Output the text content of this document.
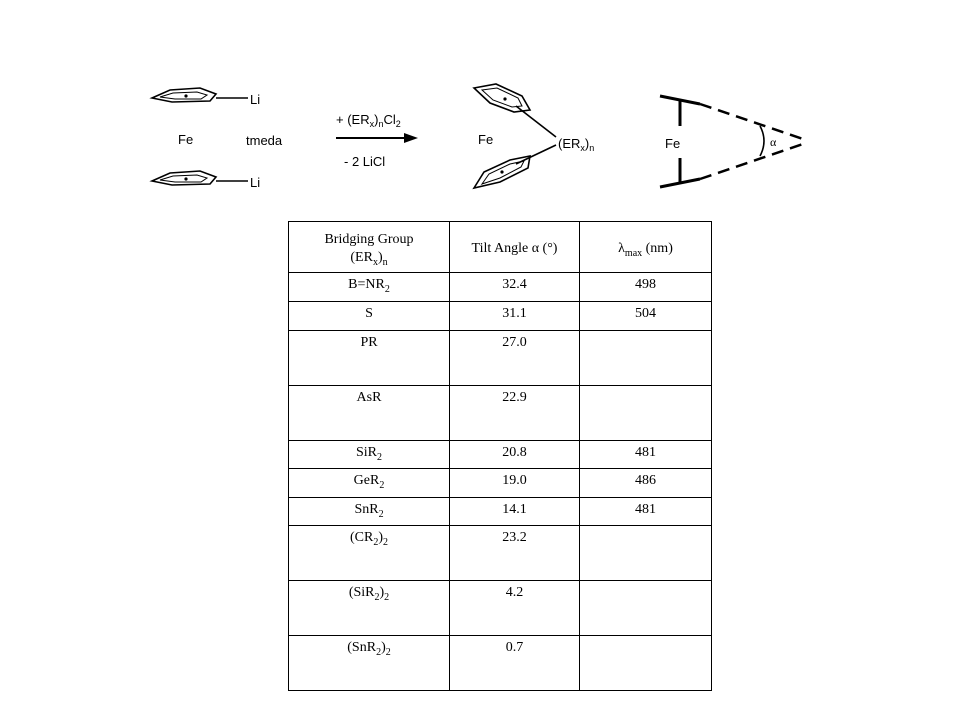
Li
Li
Fe	tmeda
+ $(ER_x)_nCl_2$
- 2 LiCl
Fe	$(ER_x)_n$	Fe	α
Bridging Group
$(ER_x)_n$	Tilt Angle α (°)	$\lambda_{max}$ (nm)
$B=NR_2$	32.4	498
S	31.1	504
PR	27.0	
AsR	22.9	
SiR$_2$	20.8	481
GeR$_2$	19.0	486
SnR$_2$	14.1	481
$(CR_2)_2$	23.2	
$(SiR_2)_2$	4.2	
$(SnR_2)_2$	0.7	
